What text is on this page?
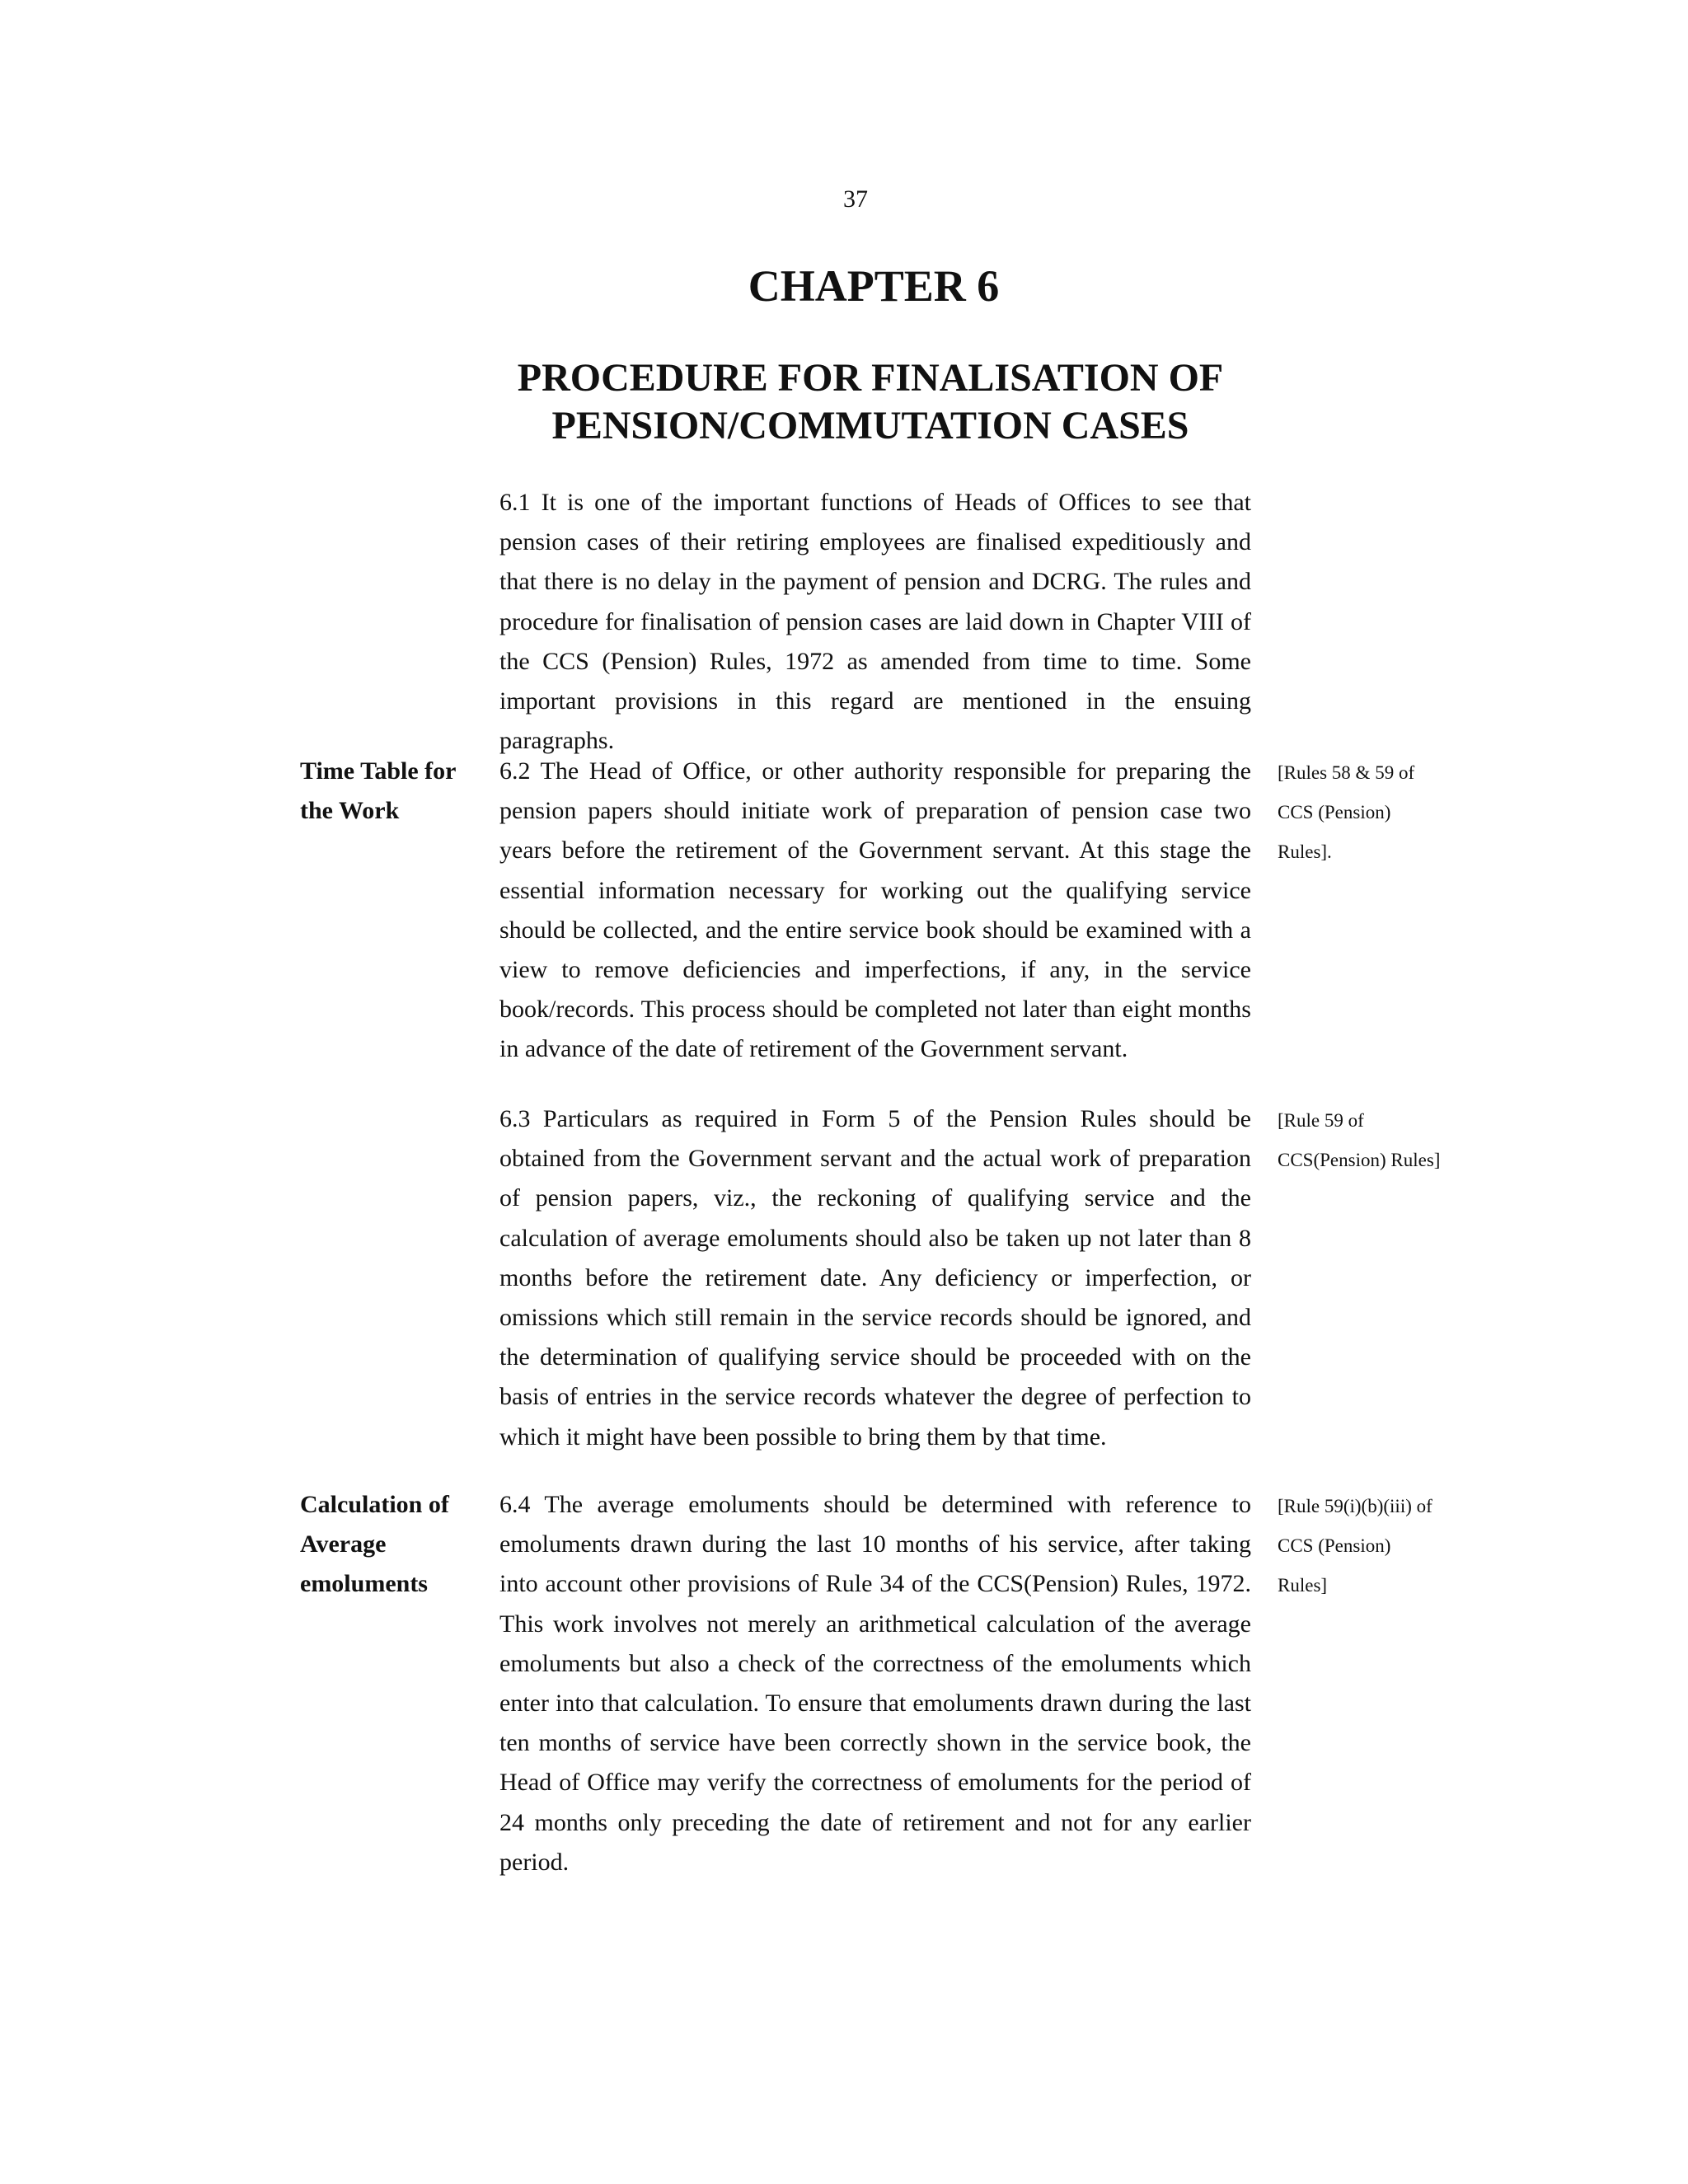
37
CHAPTER 6
PROCEDURE FOR FINALISATION OF PENSION/COMMUTATION CASES

6.1 It is one of the important functions of Heads of Offices to see that pension cases of their retiring employees are finalised expeditiously and that there is no delay in the payment of pension and DCRG. The rules and procedure for finalisation of pension cases are laid down in Chapter VIII of the CCS (Pension) Rules, 1972 as amended from time to time. Some important provisions in this regard are mentioned in the ensuing paragraphs.

Time Table for the Work

6.2 The Head of Office, or other authority responsible for preparing the pension papers should initiate work of preparation of pension case two years before the retirement of the Government servant. At this stage the essential information necessary for working out the qualifying service should be collected, and the entire service book should be examined with a view to remove deficiencies and imperfections, if any, in the service book/records. This process should be completed not later than eight months in advance of the date of retirement of the Government servant.

[Rules 58 & 59 of CCS (Pension) Rules].

6.3 Particulars as required in Form 5 of the Pension Rules should be obtained from the Government servant and the actual work of preparation of pension papers, viz., the reckoning of qualifying service and the calculation of average emoluments should also be taken up not later than 8 months before the retirement date. Any deficiency or imperfection, or omissions which still remain in the service records should be ignored, and the determination of qualifying service should be proceeded with on the basis of entries in the service records whatever the degree of perfection to which it might have been possible to bring them by that time.

[Rule 59 of CCS(Pension) Rules]
Calculation of Average emoluments

6.4 The average emoluments should be determined with reference to emoluments drawn during the last 10 months of his service, after taking into account other provisions of Rule 34 of the CCS(Pension) Rules, 1972. This work involves not merely an arithmetical calculation of the average emoluments but also a check of the correctness of the emoluments which enter into that calculation. To ensure that emoluments drawn during the last ten months of service have been correctly shown in the service book, the Head of Office may verify the correctness of emoluments for the period of 24 months only preceding the date of retirement and not for any earlier period.

[Rule 59(i)(b)(iii) of CCS (Pension) Rules]
